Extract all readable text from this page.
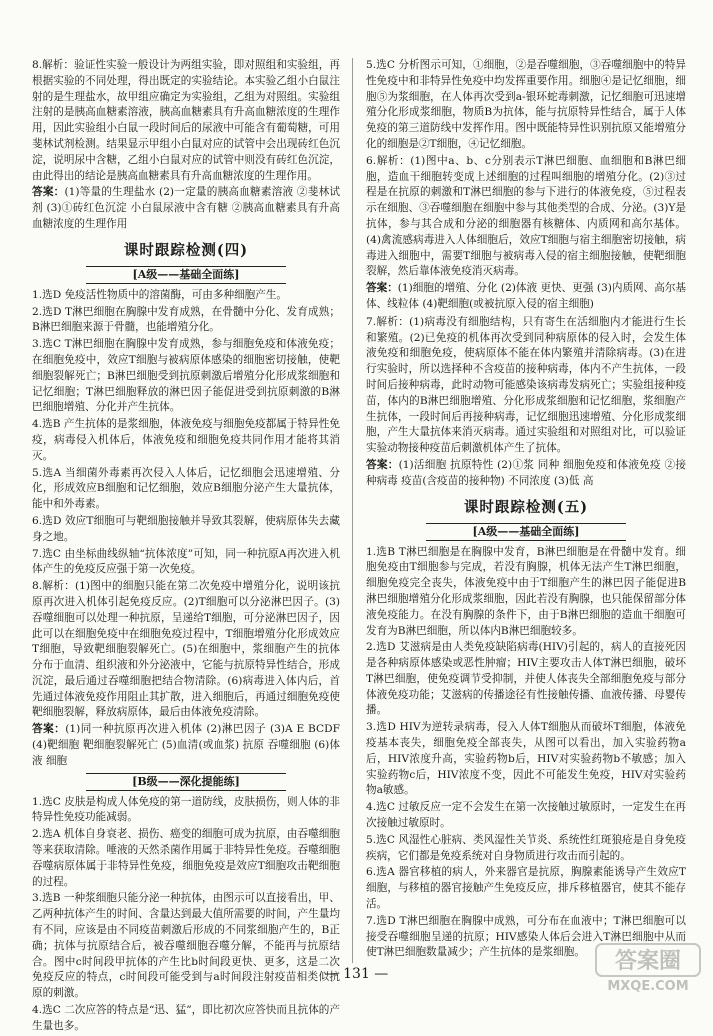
8.解析：验证性实验一般设计为两组实验，即对照组和实验组，再根据实验的不同处理，得出既定的实验结论。本实验乙组小白鼠注射的是生理盐水，故甲组应确定为实验组，乙组为对照组。实验组注射的是胰高血糖素溶液，胰高血糖素具有升高血糖浓度的生理作用，因此实验组小白鼠一段时间后的尿液中可能含有葡萄糖，可用斐林试剂检测。结果显示甲组小白鼠对应的试管中会出现砖红色沉淀，说明尿中含糖，乙组小白鼠对应的试管中则没有砖红色沉淀，由此得出的结论是胰高血糖素具有升高血糖浓度的生理作用。

答案：(1)等量的生理盐水 (2)一定量的胰高血糖素溶液 ②斐林试剂 (3)①砖红色沉淀 小白鼠尿液中含有糖 ②胰高血糖素具有升高血糖浓度的生理作用

课时跟踪检测(四)
[A级——基础全面练]

1.选D 免疫活性物质中的溶菌酶，可由多种细胞产生。

2.选D T淋巴细胞在胸腺中发育成熟，在骨髓中分化、发育成熟；B淋巴细胞来源于骨髓，也能增殖分化。

3.选C T淋巴细胞在胸腺中发育成熟，参与细胞免疫和体液免疫；在细胞免疫中，效应T细胞与被病原体感染的细胞密切接触，使靶细胞裂解死亡；B淋巴细胞受到抗原刺激后增殖分化形成浆细胞和记忆细胞；T淋巴细胞释放的淋巴因子能促进受到抗原刺激的B淋巴细胞增殖、分化并产生抗体。

4.选B 产生抗体的是浆细胞，体液免疫与细胞免疫都属于特异性免疫，病毒侵入机体后，体液免疫和细胞免疫共同作用才能将其消灭。

5.选A 当细菌外毒素再次侵入人体后，记忆细胞会迅速增殖、分化，形成效应B细胞和记忆细胞，效应B细胞分泌产生大量抗体，能中和外毒素。

6.选D 效应T细胞可与靶细胞接触并导致其裂解，使病原体失去藏身之地。

7.选C 由坐标曲线纵轴“抗体浓度”可知，同一种抗原A再次进入机体产生的免疫反应强于第一次免疫。

8.解析：(1)图中的细胞只能在第二次免疫中增殖分化，说明该抗原再次进入机体引起免疫反应。(2)T细胞可以分泌淋巴因子。(3)吞噬细胞可以处理一种抗原，呈递给T细胞，可分泌淋巴因子，因此可以在细胞免疫中在细胞免疫过程中，T细胞增殖分化形成效应T细胞，导致靶细胞裂解死亡。(5)在细胞中，浆细胞产生的抗体分布于血清、组织液和外分泌液中，它能与抗原特异性结合，形成沉淀，最后通过吞噬细胞把结合物清除。(6)病毒进入体内后，首先通过体液免疫作用阻止其扩散，进入细胞后，再通过细胞免疫使靶细胞裂解，释放病原体，最后由体液免疫清除。

答案：(1)同一种抗原再次进入机体 (2)淋巴因子 (3)A E BCDF (4)靶细胞 靶细胞裂解死亡 (5)血清(或血浆) 抗原 吞噬细胞 (6)体液 细胞

[B级——深化提能练]

1.选C 皮肤是构成人体免疫的第一道防线，皮肤损伤，则人体的非特异性免疫功能减弱。

2.选A 机体自身衰老、损伤、癌变的细胞可成为抗原，由吞噬细胞等来获取清除。唾液的天然杀菌作用属于非特异性免疫。吞噬细胞吞噬病原体属于非特异性免疫，细胞免疫是效应T细胞攻击靶细胞的过程。

3.选B 一种浆细胞只能分泌一种抗体，由图示可以直接看出，甲、乙两种抗体产生的时间、含量达到最大值所需要的时间，产生量均有不同，应该是由不同疫苗刺激后形成的不同浆细胞产生的，B正确；抗体与抗原结合后，被吞噬细胞吞噬分解，不能再与抗原结合。图中c时间段甲抗体的产生比b时间段更快、更多，这是二次免疫反应的特点，c时间段可能受到与a时间段注射疫苗相类似抗原的刺激。

4.选C 二次应答的特点是“迅、猛”，即比初次应答快而且抗体的产生量也多。

5.选C 分析图示可知，①细胞，②是吞噬细胞，③吞噬细胞中的特异性免疫中和非特异性免疫中均发挥重要作用。细胞④是记忆细胞，细胞⑤为浆细胞，在人体再次受到a-银环蛇毒刺激，记忆细胞可迅速增殖分化形成浆细胞，物质B为抗体，能与抗原特异性结合，属于人体免疫的第三道防线中发挥作用。图中既能特异性识别抗原又能增殖分化的细胞是②T细胞，④记忆细胞。

6.解析：(1)图中a、b、c分别表示T淋巴细胞、血细胞和B淋巴细胞，造血干细胞转变成上述细胞的过程叫细胞的增殖分化。(2)③过程是在抗原的刺激和T淋巴细胞的参与下进行的体液免疫，⑤过程表示在细胞、③吞噬细胞在细胞中参与其他类型的合成、分泌。(3)Y是抗体，参与其合成和分泌的细胞器有核糖体、内质网和高尔基体。(4)禽流感病毒进入人体细胞后，效应T细胞与宿主细胞密切接触，病毒进入细胞中，需要T细胞与被病毒入侵的宿主细胞接触，使靶细胞裂解，然后靠体液免疫消灭病毒。

答案：(1)细胞的增殖、分化 (2)体液 更快、更强 (3)内质网、高尔基体、线粒体 (4)靶细胞(或被抗原入侵的宿主细胞)

7.解析：(1)病毒没有细胞结构，只有寄生在活细胞内才能进行生长和繁殖。(2)已免疫的机体再次受到同种病原体的侵入时，会发生体液免疫和细胞免疫，使病原体不能在体内繁殖并清除病毒。(3)在进行实验时，所以选择种不含疫苗的接种病毒，体内不产生抗体，一段时间后接种病毒，此时动物可能感染该病毒发病死亡；实验组接种疫苗，体内的B淋巴细胞增殖、分化形成浆细胞和记忆细胞，浆细胞产生抗体，一段时间后再接种病毒，记忆细胞迅速增殖、分化形成浆细胞，产生大量抗体来消灭病毒。通过实验组和对照组对比，可以验证实验动物接种疫苗后刺激机体产生了抗体。

答案：(1)活细胞 抗原特性 (2)①浆 同种 细胞免疫和体液免疫 ②接种病毒 疫苗(含疫苗的接种物) 不同浓度 (3)低 高

课时跟踪检测(五)
[A级——基础全面练]

1.选B T淋巴细胞是在胸腺中发育，B淋巴细胞是在骨髓中发育。细胞免疫由T细胞参与完成，若没有胸腺，机体无法产生T淋巴细胞，细胞免疫完全丧失，体液免疫中由于T细胞产生的淋巴因子能促进B淋巴细胞增殖分化形成浆细胞，因此若没有胸腺，也只能保留部分体液免疫能力。在没有胸腺的条件下，由于B淋巴细胞的造血干细胞可发育为B淋巴细胞，所以体内B淋巴细胞较多。

2.选D 艾滋病是由人类免疫缺陷病毒(HIV)引起的，病人的直接死因是各种病原体感染或恶性肿瘤；HIV主要攻击人体T淋巴细胞，破坏T淋巴细胞，使免疫调节受抑制，并使人体丧失全部细胞免疫与部分体液免疫功能；艾滋病的传播途径有性接触传播、血液传播、母婴传播。

3.选D HIV为逆转录病毒，侵入人体T细胞从而破坏T细胞，体液免疫基本丧失，细胞免疫全部丧失，从图可以看出，加入实验药物a后，HIV浓度升高，实验药物b后，HIV对实验药物b不敏感；加入实验药物c后，HIV浓度不变，因此不可能发生免疫，HIV对实验药物a敏感。

4.选C 过敏反应一定不会发生在第一次接触过敏原时，一定发生在再次接触过敏原时。

5.选C 风湿性心脏病、类风湿性关节炎、系统性红斑狼疮是自身免疫疾病，它们都是免疫系统对自身物质进行攻击而引起的。

6.选A 器官移植的病人，外来器官是抗原，胸腺素能诱导产生效应T细胞，与移植的器官接触产生免疫反应，排斥移植器官，使其不能存活。

7.选D T淋巴细胞在胸腺中成熟，可分布在血液中；T淋巴细胞可以接受吞噬细胞呈递的抗原；HIV感染人体后会进入T淋巴细胞中从而使T淋巴细胞数量减少；产生抗体的是浆细胞。

— 131 —	答案圈
MXQE.COM
